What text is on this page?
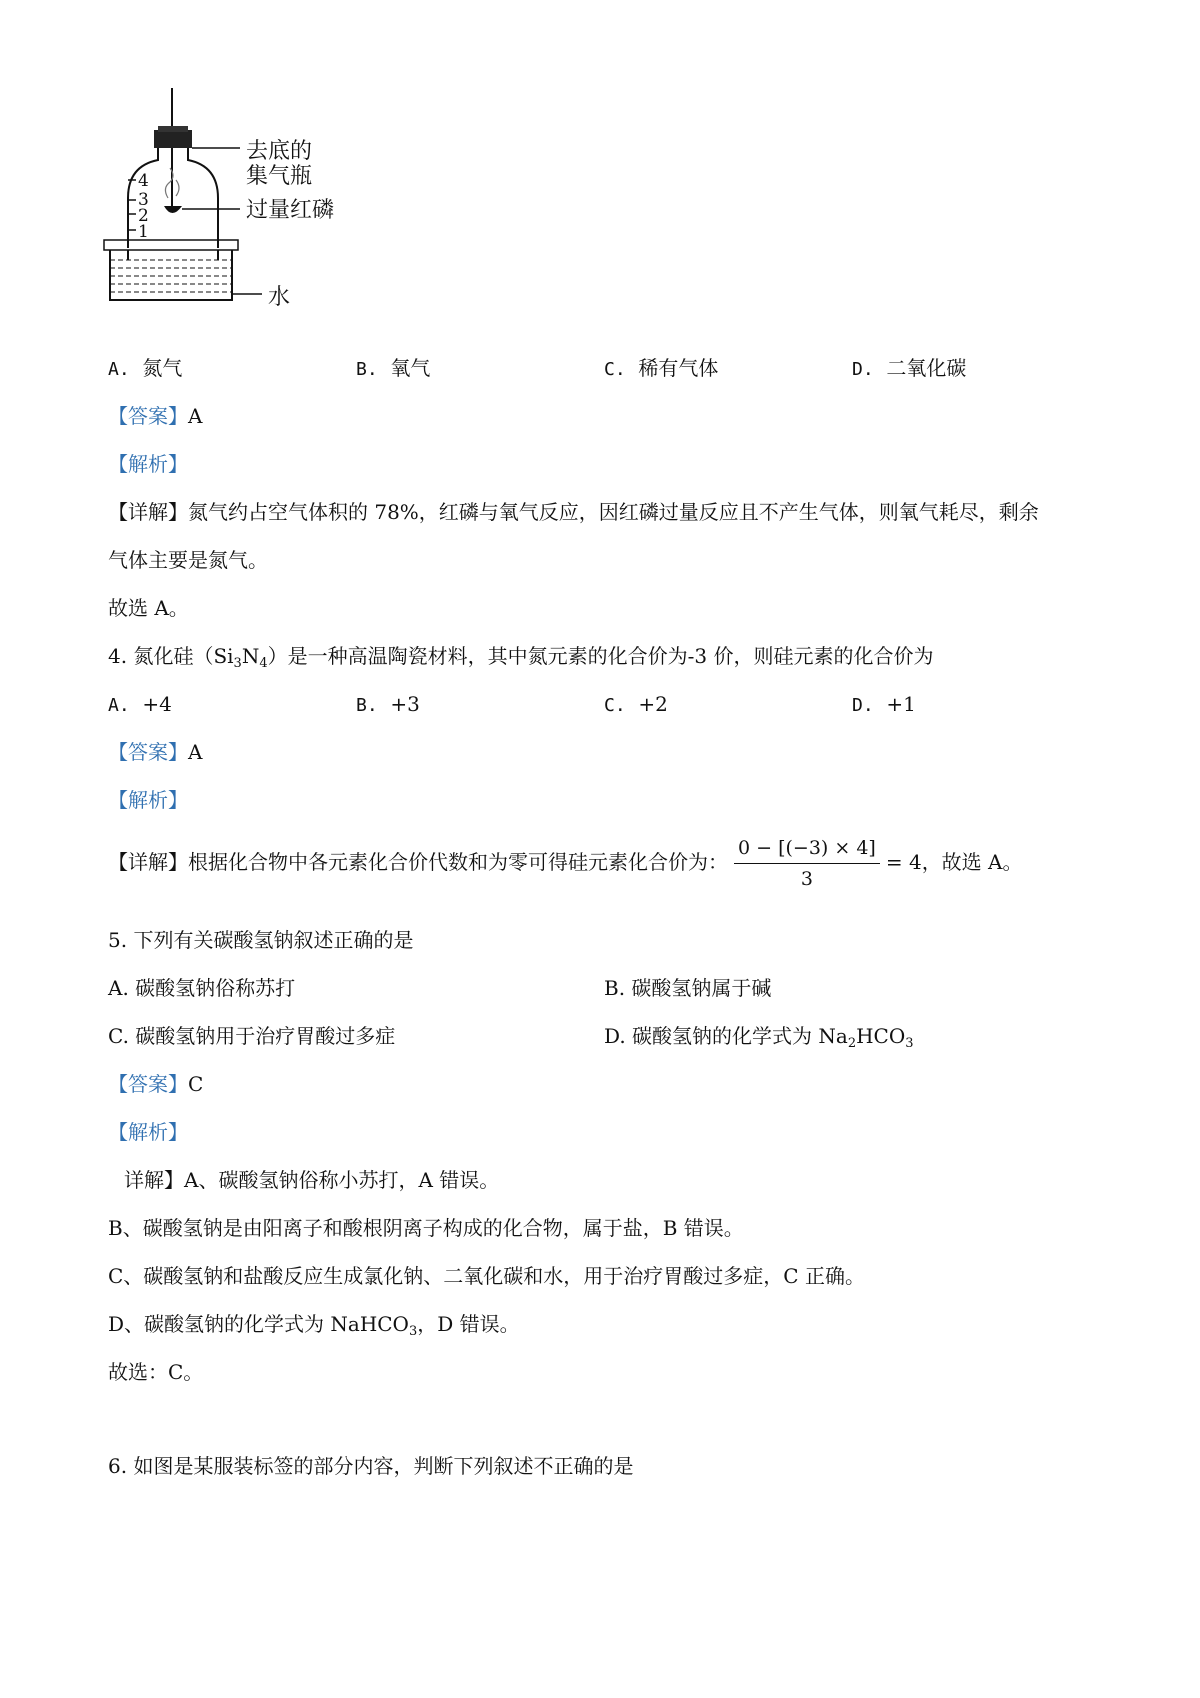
4
3
2
1
去底的
集气瓶
过量红磷
水
A. 氮气	B. 氧气	C. 稀有气体	D. 二氧化碳
【答案】A
【解析】
【详解】氮气约占空气体积的 78%，红磷与氧气反应，因红磷过量反应且不产生气体，则氧气耗尽，剩余
气体主要是氮气。
故选 A。
4. 氮化硅$(Si_3N_4)$是一种高温陶瓷材料，其中氮元素的化合价为-3 价，则硅元素的化合价为
A. +4	B. +3	C. +2	D. +1
【答案】A
【解析】
【详解】根据化合物中各元素化合价代数和为零可得硅元素化合价为： $\frac{0 - [(-3) \times 4]}{3} = 4$，故选 A。
5. 下列有关碳酸氢钠叙述正确的是
A. 碳酸氢钠俗称苏打	B. 碳酸氢钠属于碱
C. 碳酸氢钠用于治疗胃酸过多症	D. 碳酸氢钠的化学式为 $Na_2HCO_3$
【答案】C
【解析】
详解】A、碳酸氢钠俗称小苏打，A 错误。
B、碳酸氢钠是由阳离子和酸根阴离子构成的化合物，属于盐，B 错误。
C、碳酸氢钠和盐酸反应生成氯化钠、二氧化碳和水，用于治疗胃酸过多症，C 正确。
D、碳酸氢钠的化学式为 NaHCO$_3$，D 错误。
故选：C。
6. 如图是某服装标签的部分内容，判断下列叙述不正确的是
